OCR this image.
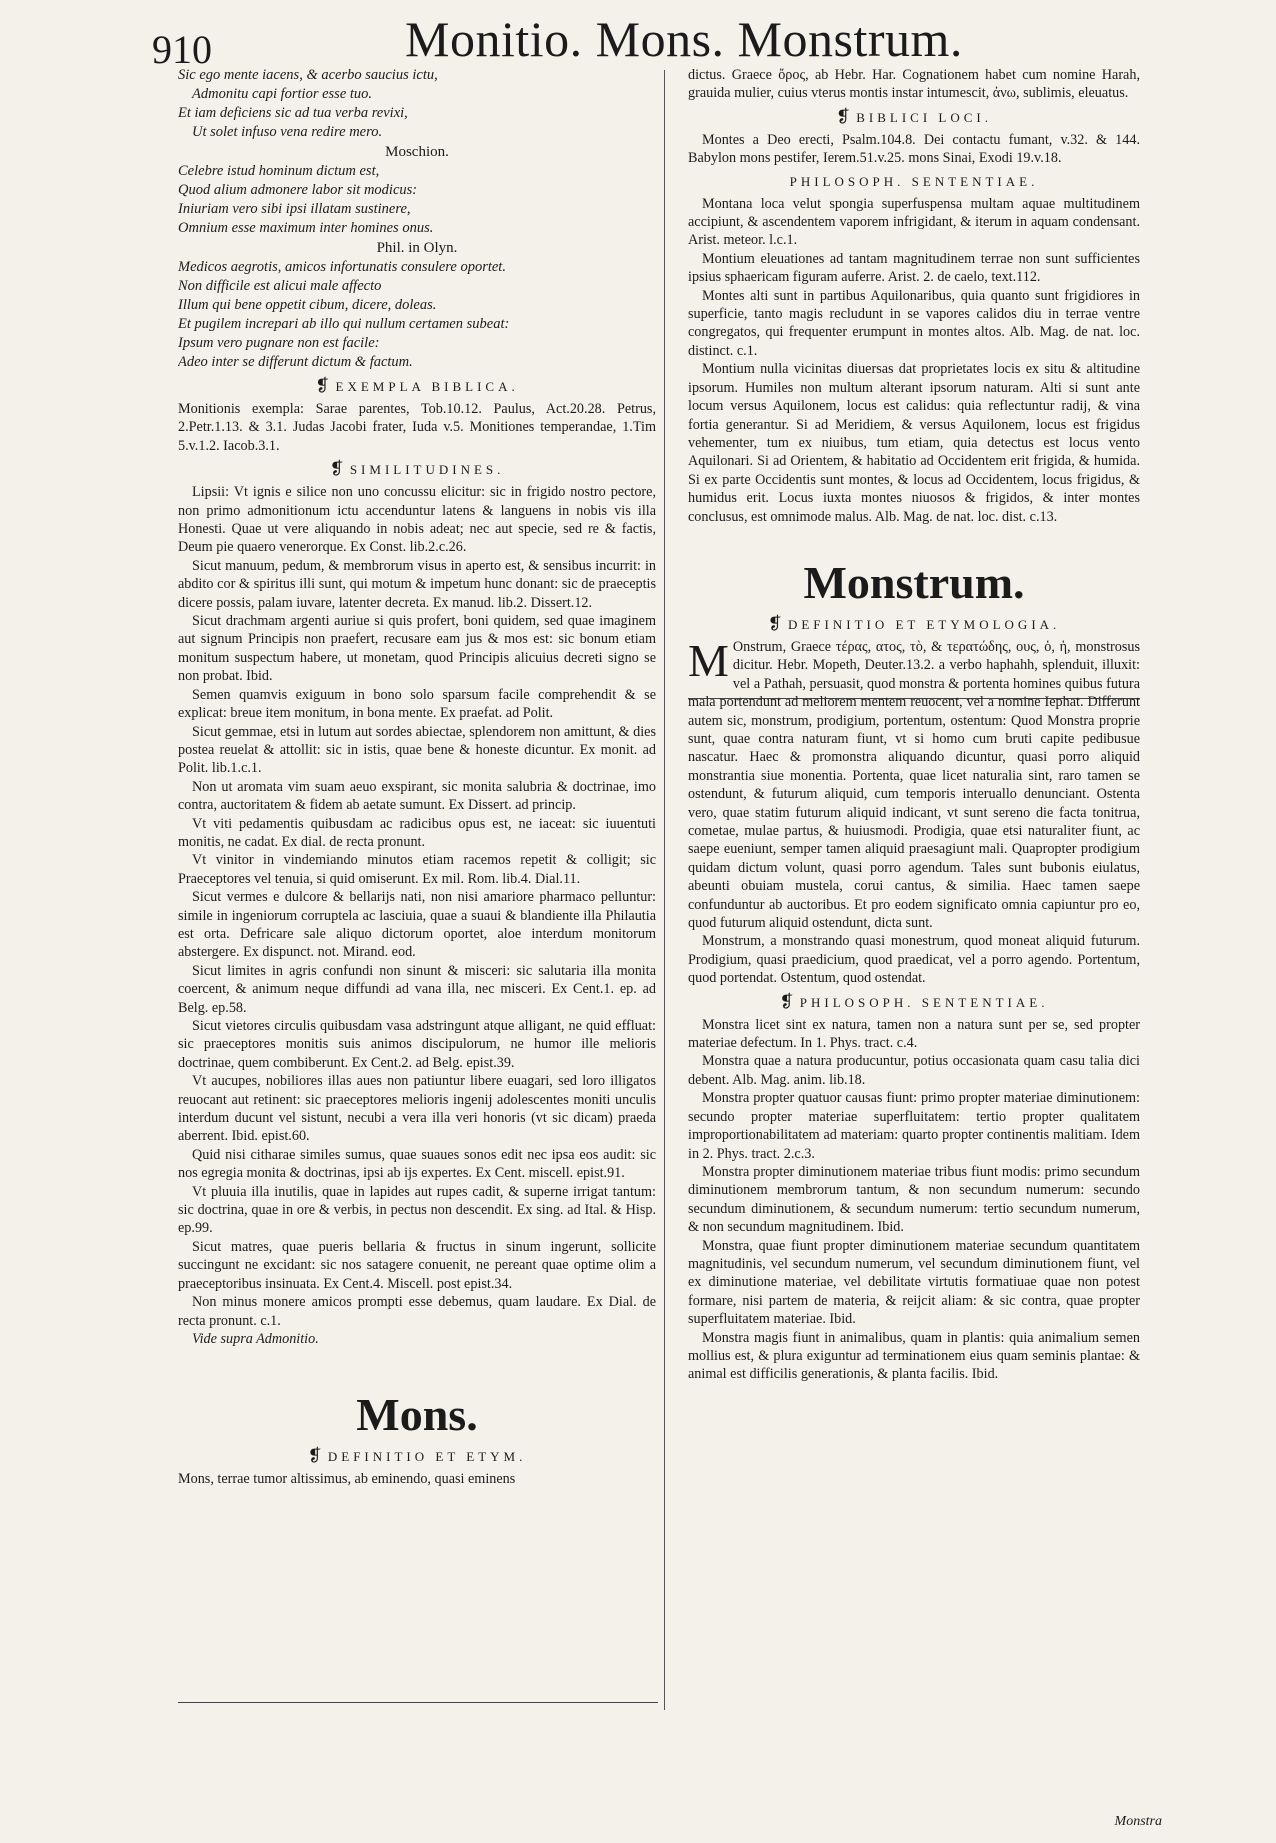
910	Monitio. Mons. Monstrum.

Sic ego mente iacens, & acerbo saucius ictu,

Admonitu capi fortior esse tuo.

Et iam deficiens sic ad tua verba revixi,

Ut solet infuso vena redire mero.

Moschion.

Celebre istud hominum dictum est,

Quod alium admonere labor sit modicus:

Iniuriam vero sibi ipsi illatam sustinere,

Omnium esse maximum inter homines onus.

Phil. in Olyn.

Medicos aegrotis, amicos infortunatis consulere oportet.

Non difficile est alicui male affecto

Illum qui bene oppetit cibum, dicere, doleas.

Et pugilem increpari ab illo qui nullum certamen subeat:

Ipsum vero pugnare non est facile:

Adeo inter se differunt dictum & factum.

❡ EXEMPLA BIBLICA.

Monitionis exempla: Sarae parentes, Tob.10.12. Paulus, Act.20.28. Petrus, 2.Petr.1.13. & 3.1. Judas Jacobi frater, Iuda v.5. Monitiones temperandae, 1.Tim 5.v.1.2. Iacob.3.1.

❡ SIMILITUDINES.

Lipsii: Vt ignis e silice non uno concussu elicitur: sic in frigido nostro pectore, non primo admonitionum ictu accenduntur latens & languens in nobis vis illa Honesti. Quae ut vere aliquando in nobis adeat; nec aut specie, sed re & factis, Deum pie quaero venerorque. Ex Const. lib.2.c.26.

Sicut manuum, pedum, & membrorum visus in aperto est, & sensibus incurrit: in abdito cor & spiritus illi sunt, qui motum & impetum hunc donant: sic de praeceptis dicere possis, palam iuvare, latenter decreta. Ex manud. lib.2. Dissert.12.

Sicut drachmam argenti auriue si quis profert, boni quidem, sed quae imaginem aut signum Principis non praefert, recusare eam jus & mos est: sic bonum etiam monitum suspectum habere, ut monetam, quod Principis alicuius decreti signo se non probat. Ibid.

Semen quamvis exiguum in bono solo sparsum facile comprehendit & se explicat: breue item monitum, in bona mente. Ex praefat. ad Polit.

Sicut gemmae, etsi in lutum aut sordes abiectae, splendorem non amittunt, & dies postea reuelat & attollit: sic in istis, quae bene & honeste dicuntur. Ex monit. ad Polit. lib.1.c.1.

Non ut aromata vim suam aeuo exspirant, sic monita salubria & doctrinae, imo contra, auctoritatem & fidem ab aetate sumunt. Ex Dissert. ad princip.

Vt viti pedamentis quibusdam ac radicibus opus est, ne iaceat: sic iuuentuti monitis, ne cadat. Ex dial. de recta pronunt.

Vt vinitor in vindemiando minutos etiam racemos repetit & colligit; sic Praeceptores vel tenuia, si quid omiserunt. Ex mil. Rom. lib.4. Dial.11.

Sicut vermes e dulcore & bellarijs nati, non nisi amariore pharmaco pelluntur: simile in ingeniorum corruptela ac lasciuia, quae a suaui & blandiente illa Philautia est orta. Defricare sale aliquo dictorum oportet, aloe interdum monitorum abstergere. Ex dispunct. not. Mirand. eod.

Sicut limites in agris confundi non sinunt & misceri: sic salutaria illa monita coercent, & animum neque diffundi ad vana illa, nec misceri. Ex Cent.1. ep. ad Belg. ep.58.

Sicut vietores circulis quibusdam vasa adstringunt atque alligant, ne quid effluat: sic praeceptores monitis suis animos discipulorum, ne humor ille melioris doctrinae, quem combiberunt. Ex Cent.2. ad Belg. epist.39.

Vt aucupes, nobiliores illas aues non patiuntur libere euagari, sed loro illigatos reuocant aut retinent: sic praeceptores melioris ingenij adolescentes moniti unculis interdum ducunt vel sistunt, necubi a vera illa veri honoris (vt sic dicam) praeda aberrent. Ibid. epist.60.

Quid nisi citharae similes sumus, quae suaues sonos edit nec ipsa eos audit: sic nos egregia monita & doctrinas, ipsi ab ijs expertes. Ex Cent. miscell. epist.91.

Vt pluuia illa inutilis, quae in lapides aut rupes cadit, & superne irrigat tantum: sic doctrina, quae in ore & verbis, in pectus non descendit. Ex sing. ad Ital. & Hisp. ep.99.

Sicut matres, quae pueris bellaria & fructus in sinum ingerunt, sollicite succingunt ne excidant: sic nos satagere conuenit, ne pereant quae optime olim a praeceptoribus insinuata. Ex Cent.4. Miscell. post epist.34.

Non minus monere amicos prompti esse debemus, quam laudare. Ex Dial. de recta pronunt. c.1.

Vide supra Admonitio.

Mons.
❡ DEFINITIO ET ETYM.

Mons, terrae tumor altissimus, ab eminendo, quasi eminens

dictus. Graece ὄρος, ab Hebr. Har. Cognationem habet cum nomine Harah, grauida mulier, cuius vterus montis instar intumescit, ἀνω, sublimis, eleuatus.

❡ BIBLICI LOCI.

Montes a Deo erecti, Psalm.104.8. Dei contactu fumant, v.32. & 144. Babylon mons pestifer, Ierem.51.v.25. mons Sinai, Exodi 19.v.18.

PHILOSOPH. SENTENTIAE.

Montana loca velut spongia superfuspensa multam aquae multitudinem accipiunt, & ascendentem vaporem infrigidant, & iterum in aquam condensant. Arist. meteor. l.c.1.

Montium eleuationes ad tantam magnitudinem terrae non sunt sufficientes ipsius sphaericam figuram auferre. Arist. 2. de caelo, text.112.

Montes alti sunt in partibus Aquilonaribus, quia quanto sunt frigidiores in superficie, tanto magis recludunt in se vapores calidos diu in terrae ventre congregatos, qui frequenter erumpunt in montes altos. Alb. Mag. de nat. loc. distinct. c.1.

Montium nulla vicinitas diuersas dat proprietates locis ex situ & altitudine ipsorum. Humiles non multum alterant ipsorum naturam. Alti si sunt ante locum versus Aquilonem, locus est calidus: quia reflectuntur radij, & vina fortia generantur. Si ad Meridiem, & versus Aquilonem, locus est frigidus vehementer, tum ex niuibus, tum etiam, quia detectus est locus vento Aquilonari. Si ad Orientem, & habitatio ad Occidentem erit frigida, & humida. Si ex parte Occidentis sunt montes, & locus ad Occidentem, locus frigidus, & humidus erit. Locus iuxta montes niuosos & frigidos, & inter montes conclusus, est omnimode malus. Alb. Mag. de nat. loc. dist. c.13.

Monstrum.
❡ DEFINITIO ET ETYMOLOGIA.

M Onstrum, Graece τέρας, ατος, τὸ, & τερατώδης, ους, ὁ, ἡ, monstrosus dicitur. Hebr. Mopeth, Deuter.13.2. a verbo haphahh, splenduit, illuxit: vel a Pathah, persuasit, quod monstra & portenta homines quibus futura mala portendunt ad meliorem mentem reuocent, vel a nomine Iephat. Differunt autem sic, monstrum, prodigium, portentum, ostentum: Quod Monstra proprie sunt, quae contra naturam fiunt, vt si homo cum bruti capite pedibusue nascatur. Haec & promonstra aliquando dicuntur, quasi porro aliquid monstrantia siue monentia. Portenta, quae licet naturalia sint, raro tamen se ostendunt, & futurum aliquid, cum temporis interuallo denunciant. Ostenta vero, quae statim futurum aliquid indicant, vt sunt sereno die facta tonitrua, cometae, mulae partus, & huiusmodi. Prodigia, quae etsi naturaliter fiunt, ac saepe eueniunt, semper tamen aliquid praesagiunt mali. Quapropter prodigium quidam dictum volunt, quasi porro agendum. Tales sunt bubonis eiulatus, abeunti obuiam mustela, corui cantus, & similia. Haec tamen saepe confunduntur ab auctoribus. Et pro eodem significato omnia capiuntur pro eo, quod futurum aliquid ostendunt, dicta sunt.

Monstrum, a monstrando quasi monestrum, quod moneat aliquid futurum. Prodigium, quasi praedicium, quod praedicat, vel a porro agendo. Portentum, quod portendat. Ostentum, quod ostendat.

❡ PHILOSOPH. SENTENTIAE.

Monstra licet sint ex natura, tamen non a natura sunt per se, sed propter materiae defectum. In 1. Phys. tract. c.4.

Monstra quae a natura producuntur, potius occasionata quam casu talia dici debent. Alb. Mag. anim. lib.18.

Monstra propter quatuor causas fiunt: primo propter materiae diminutionem: secundo propter materiae superfluitatem: tertio propter qualitatem improportionabilitatem ad materiam: quarto propter continentis malitiam. Idem in 2. Phys. tract. 2.c.3.

Monstra propter diminutionem materiae tribus fiunt modis: primo secundum diminutionem membrorum tantum, & non secundum numerum: secundo secundum diminutionem, & secundum numerum: tertio secundum numerum, & non secundum magnitudinem. Ibid.

Monstra, quae fiunt propter diminutionem materiae secundum quantitatem magnitudinis, vel secundum numerum, vel secundum diminutionem fiunt, vel ex diminutione materiae, vel debilitate virtutis formatiuae quae non potest formare, nisi partem de materia, & reijcit aliam: & sic contra, quae propter superfluitatem materiae. Ibid.

Monstra magis fiunt in animalibus, quam in plantis: quia animalium semen mollius est, & plura exiguntur ad terminationem eius quam seminis plantae: & animal est difficilis generationis, & planta facilis. Ibid.

Monstra
